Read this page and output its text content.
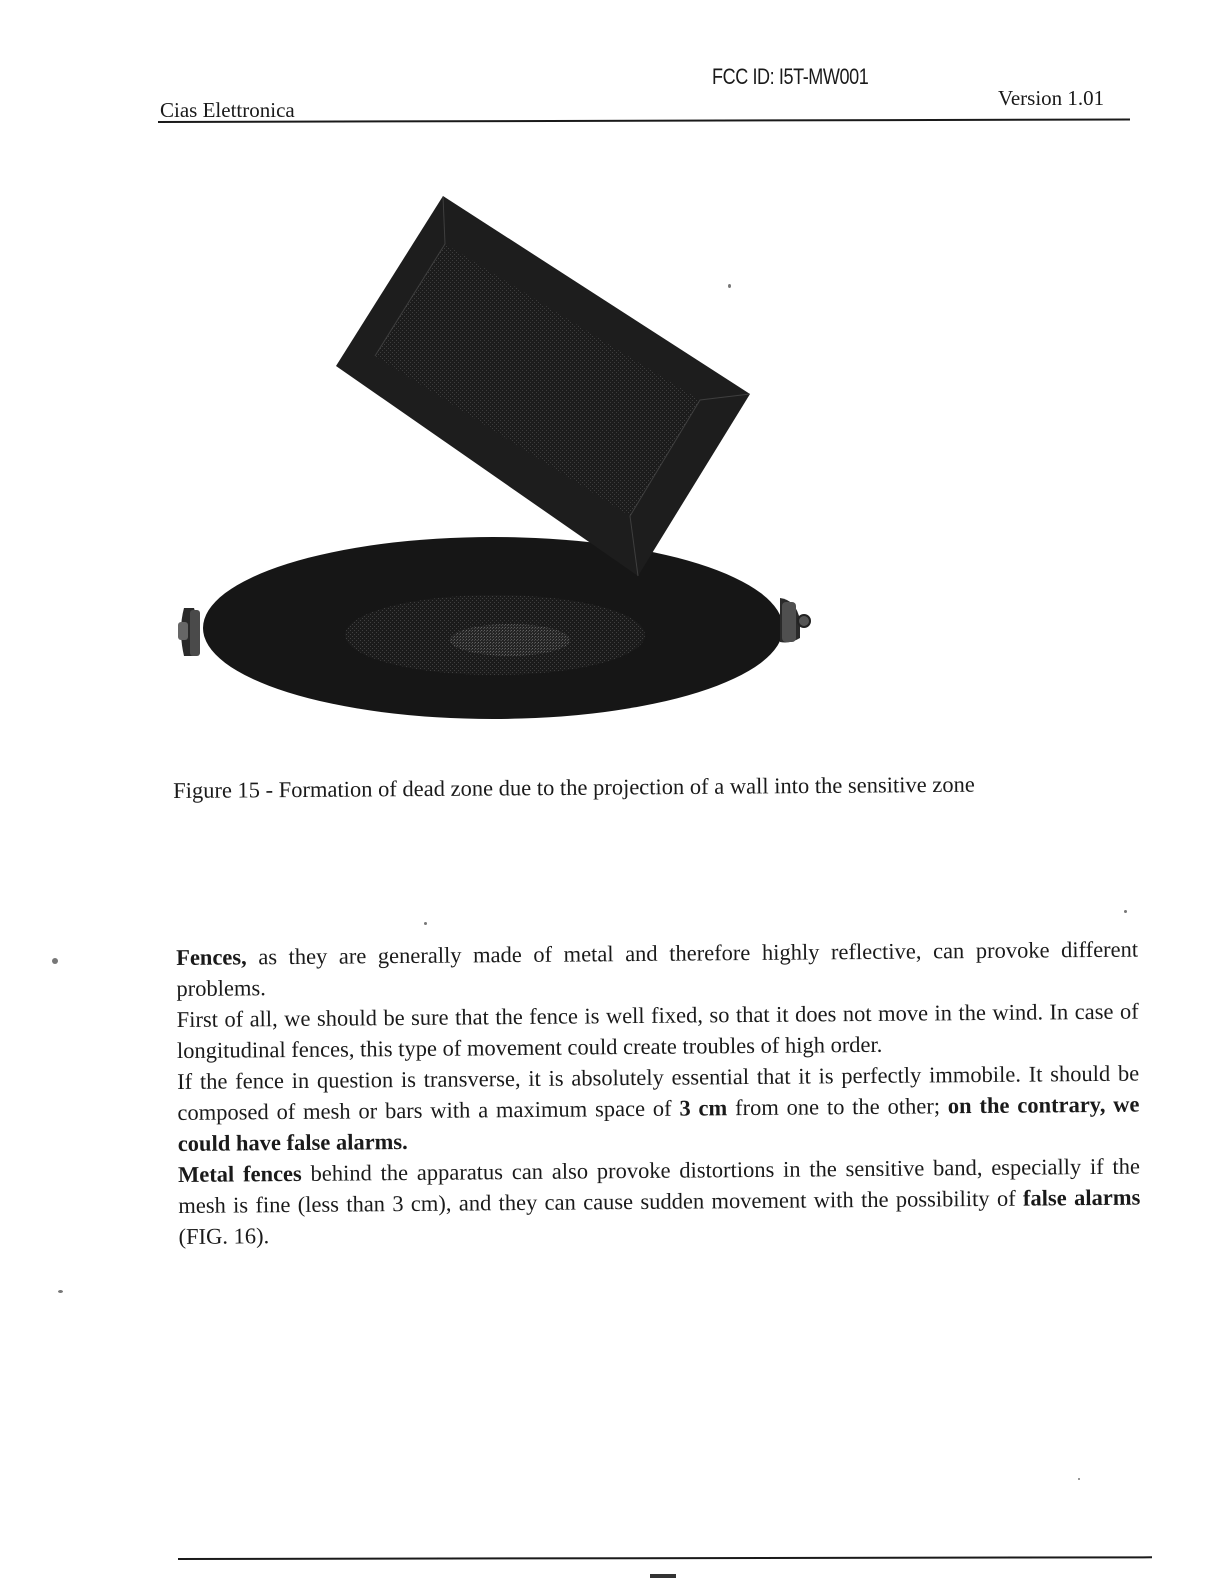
FCC ID: I5T-MW001
Cias Elettronica	Version 1.01
Figure 15 - Formation of dead zone due to the projection of a wall into the sensitive zone

Fences, as they are generally made of metal and therefore highly reflective, can provoke different problems.

First of all, we should be sure that the fence is well fixed, so that it does not move in the wind. In case of longitudinal fences, this type of movement could create troubles of high order.

If the fence in question is transverse, it is absolutely essential that it is perfectly immobile. It should be composed of mesh or bars with a maximum space of 3 cm from one to the other; on the contrary, we could have false alarms.

Metal fences behind the apparatus can also provoke distortions in the sensitive band, especially if the mesh is fine (less than 3 cm), and they can cause sudden movement with the possibility of false alarms (FIG. 16).
